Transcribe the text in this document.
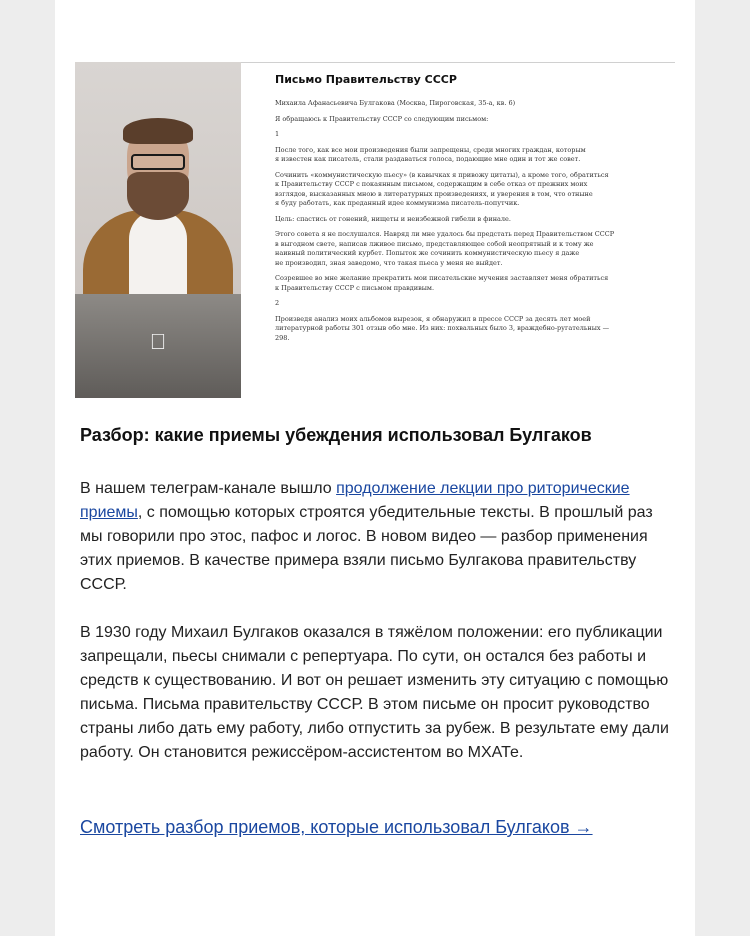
Письмо Правительству СССР

Михаила Афанасьевича Булгакова (Москва, Пироговская, 35-а, кв. 6)

Я обращаюсь к Правительству СССР со следующим письмом:

1

После того, как все мои произведения были запрещены, среди многих граждан, которым
я известен как писатель, стали раздаваться голоса, подающие мне один и тот же совет.

Сочинить «коммунистическую пьесу» (в кавычках я привожу цитаты), а кроме того, обратиться
к Правительству СССР с покаянным письмом, содержащим в себе отказ от прежних моих
взглядов, высказанных мною в литературных произведениях, и уверения в том, что отныне
я буду работать, как преданный идее коммунизма писатель-попутчик.

Цель: спастись от гонений, нищеты и неизбежной гибели в финале.

Этого совета я не послушался. Навряд ли мне удалось бы предстать перед Правительством СССР
в выгодном свете, написав лживое письмо, представляющее собой неопрятный и к тому же
наивный политический курбет. Попыток же сочинить коммунистическую пьесу я даже
не производил, зная заведомо, что такая пьеса у меня не выйдет.

Созревшее во мне желание прекратить мои писательские мучения заставляет меня обратиться
к Правительству СССР с письмом правдивым.

2

Произведя анализ моих альбомов вырезок, я обнаружил в прессе СССР за десять лет моей
литературной работы 301 отзыв обо мне. Из них: похвальных было 3, враждебно-ругательных —
298.

Разбор: какие приемы убеждения использовал Булгаков

В нашем телеграм-канале вышло продолжение лекции про риторические приемы, с помощью которых строятся убедительные тексты. В прошлый раз мы говорили про этос, пафос и логос. В новом видео — разбор применения этих приемов. В качестве примера взяли письмо Булгакова правительству СССР.

В 1930 году Михаил Булгаков оказался в тяжёлом положении: его публикации запрещали, пьесы снимали с репертуара. По сути, он остался без работы и средств к существованию. И вот он решает изменить эту ситуацию с помощью письма. Письма правительству СССР. В этом письме он просит руководство страны либо дать ему работу, либо отпустить за рубеж. В результате ему дали работу. Он становится режиссёром-ассистентом во МХАТе.

Смотреть разбор приемов, которые использовал Булгаков →
